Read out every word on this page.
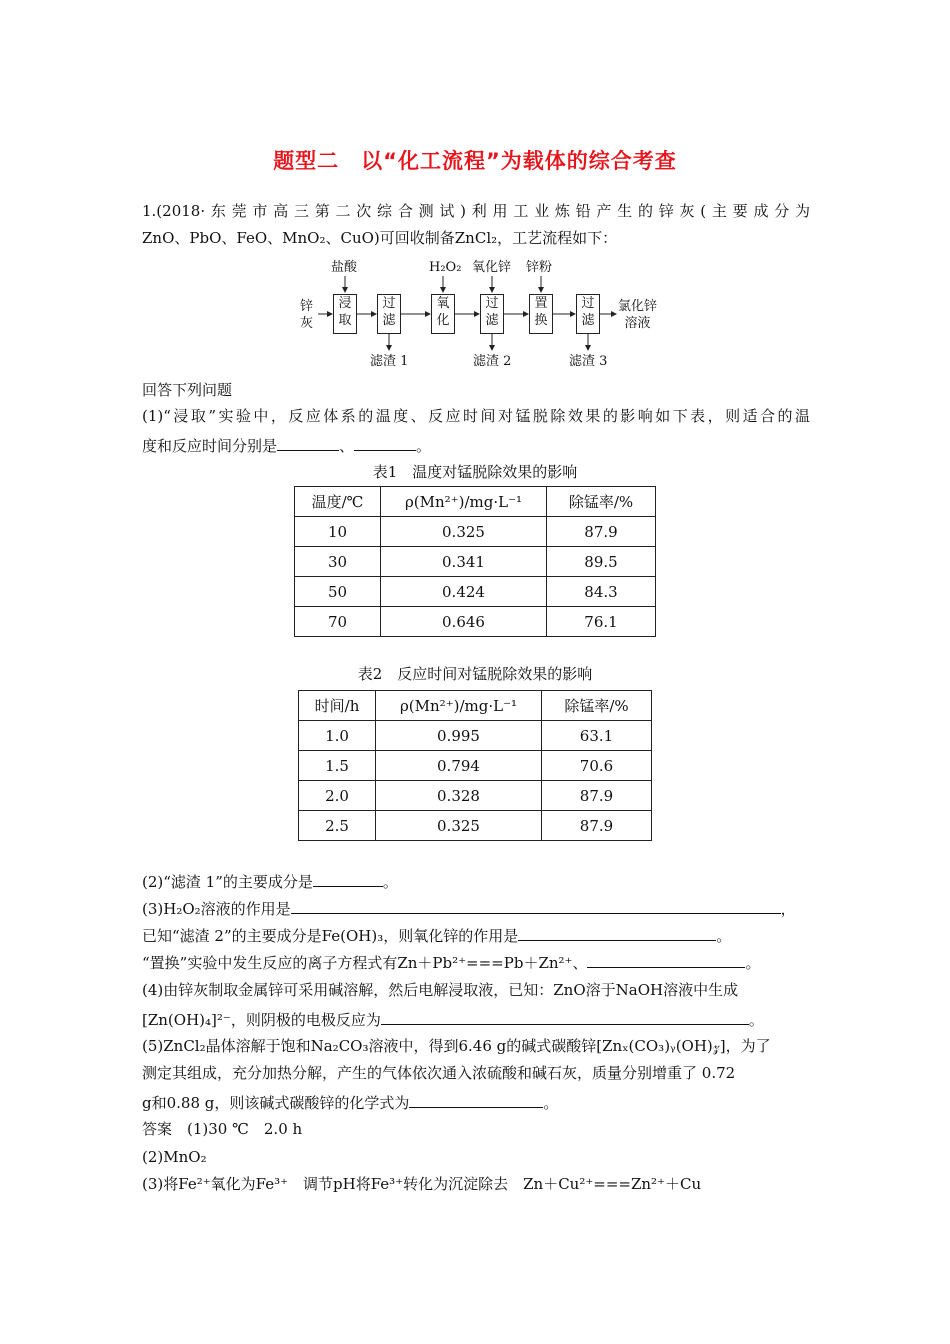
题型二　以“化工流程”为载体的综合考查
1.(2018·东莞市高三第二次综合测试)利用工业炼铅产生的锌灰(主要成分为
ZnO、PbO、FeO、MnO₂、CuO)可回收制备ZnCl₂，工艺流程如下：
锌
灰
盐酸	H₂O₂ 氧化锌 锌粉
浸
取
过
滤
氧
化
过
滤
置
换
过
滤
氯化锌
溶液
滤渣 1	滤渣 2	滤渣 3
回答下列问题
(1)“浸取”实验中，反应体系的温度、反应时间对锰脱除效果的影响如下表，则适合的温
度和反应时间分别是	、	。
表1　温度对锰脱除效果的影响
温度/℃	ρ(Mn²⁺)/mg·L⁻¹	除锰率/%
10	0.325	87.9
30	0.341	89.5
50	0.424	84.3
70	0.646	76.1
表2　反应时间对锰脱除效果的影响
时间/h	ρ(Mn²⁺)/mg·L⁻¹	除锰率/%
1.0	0.995	63.1
1.5	0.794	70.6
2.0	0.328	87.9
2.5	0.325	87.9
(2)“滤渣 1”的主要成分是	。
(3)H₂O₂溶液的作用是	，
已知“滤渣 2”的主要成分是Fe(OH)₃，则氧化锌的作用是	。
“置换”实验中发生反应的离子方程式有Zn＋Pb²⁺===Pb＋Zn²⁺、	。
(4)由锌灰制取金属锌可采用碱溶解，然后电解浸取液，已知：ZnO溶于NaOH溶液中生成
[Zn(OH)₄]²⁻，则阴极的电极反应为	。
(5)ZnCl₂晶体溶解于饱和Na₂CO₃溶液中，得到6.46 g的碱式碳酸锌[Znₓ(CO₃)ᵧ(OH)𝓏]，为了
测定其组成，充分加热分解，产生的气体依次通入浓硫酸和碱石灰，质量分别增重了 0.72
g和0.88 g，则该碱式碳酸锌的化学式为	。
答案　(1)30 ℃　2.0 h
(2)MnO₂
(3)将Fe²⁺氧化为Fe³⁺　调节pH将Fe³⁺转化为沉淀除去　Zn＋Cu²⁺===Zn²⁺＋Cu
